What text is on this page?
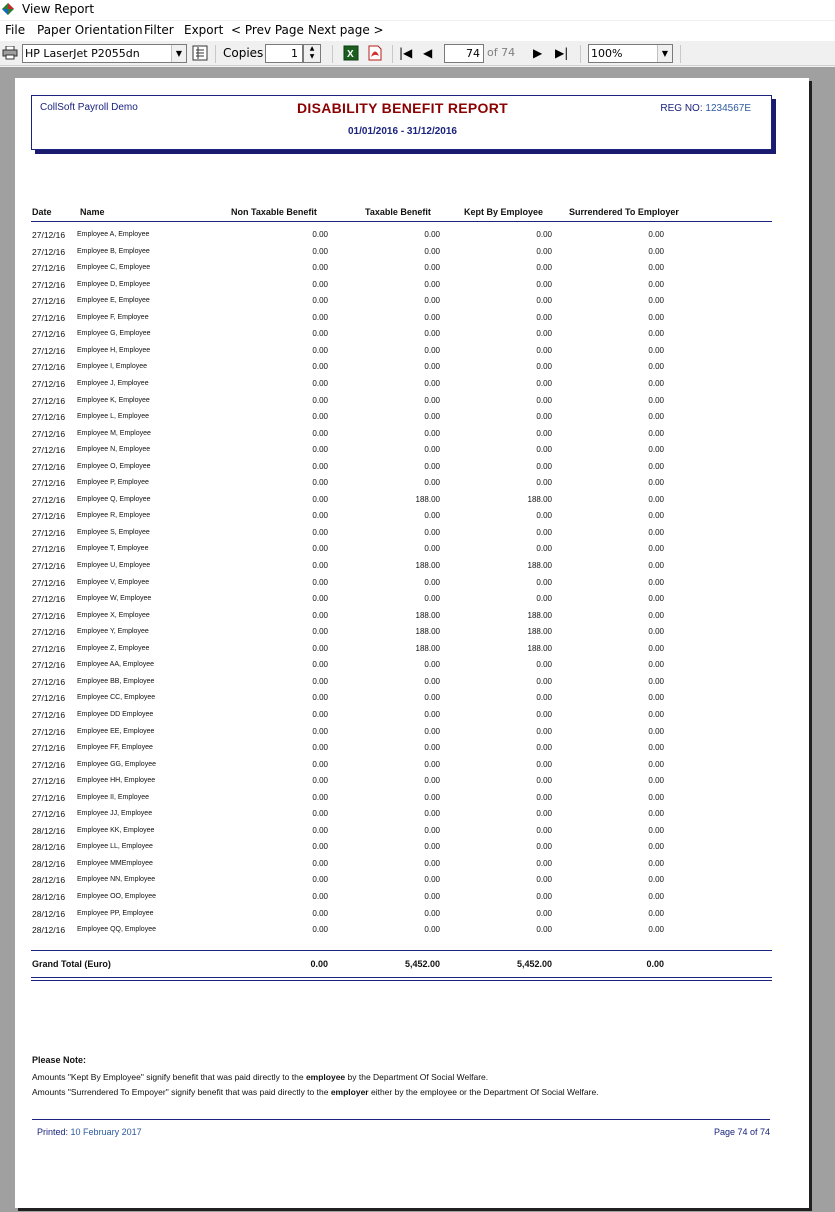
View Report
File Paper Orientation Filter Export < Prev Page Next page >
HP LaserJet P2055dn	▼	Copies	1	▲
▼	X	|◀ ◀	74 of 74 ▶ ▶| 100%	▼
CollSoft Payroll Demo	DISABILITY BENEFIT REPORT
01/01/2016 - 31/12/2016
REG NO: 1234567E
Date	Name	Non Taxable Benefit	Taxable Benefit	Kept By Employee	Surrendered To Employer
27/12/16 Employee A, Employee	0.00	0.00	0.00	0.00
27/12/16 Employee B, Employee	0.00	0.00	0.00	0.00
27/12/16 Employee C, Employee	0.00	0.00	0.00	0.00
27/12/16 Employee D, Employee	0.00	0.00	0.00	0.00
27/12/16 Employee E, Employee	0.00	0.00	0.00	0.00
27/12/16 Employee F, Employee	0.00	0.00	0.00	0.00
27/12/16 Employee G, Employee	0.00	0.00	0.00	0.00
27/12/16 Employee H, Employee	0.00	0.00	0.00	0.00
27/12/16 Employee I, Employee	0.00	0.00	0.00	0.00
27/12/16 Employee J, Employee	0.00	0.00	0.00	0.00
27/12/16 Employee K, Employee	0.00	0.00	0.00	0.00
27/12/16 Employee L, Employee	0.00	0.00	0.00	0.00
27/12/16 Employee M, Employee	0.00	0.00	0.00	0.00
27/12/16 Employee N, Employee	0.00	0.00	0.00	0.00
27/12/16 Employee O, Employee	0.00	0.00	0.00	0.00
27/12/16 Employee P, Employee	0.00	0.00	0.00	0.00
27/12/16 Employee Q, Employee	0.00	188.00	188.00	0.00
27/12/16 Employee R, Employee	0.00	0.00	0.00	0.00
27/12/16 Employee S, Employee	0.00	0.00	0.00	0.00
27/12/16 Employee T, Employee	0.00	0.00	0.00	0.00
27/12/16 Employee U, Employee	0.00	188.00	188.00	0.00
27/12/16 Employee V, Employee	0.00	0.00	0.00	0.00
27/12/16 Employee W, Employee	0.00	0.00	0.00	0.00
27/12/16 Employee X, Employee	0.00	188.00	188.00	0.00
27/12/16 Employee Y, Employee	0.00	188.00	188.00	0.00
27/12/16 Employee Z, Employee	0.00	188.00	188.00	0.00
27/12/16 Employee AA, Employee	0.00	0.00	0.00	0.00
27/12/16 Employee BB, Employee	0.00	0.00	0.00	0.00
27/12/16 Employee CC, Employee	0.00	0.00	0.00	0.00
27/12/16 Employee DD Employee	0.00	0.00	0.00	0.00
27/12/16 Employee EE, Employee	0.00	0.00	0.00	0.00
27/12/16 Employee FF, Employee	0.00	0.00	0.00	0.00
27/12/16 Employee GG, Employee	0.00	0.00	0.00	0.00
27/12/16 Employee HH, Employee	0.00	0.00	0.00	0.00
27/12/16 Employee II, Employee	0.00	0.00	0.00	0.00
27/12/16 Employee JJ, Employee	0.00	0.00	0.00	0.00
28/12/16 Employee KK, Employee	0.00	0.00	0.00	0.00
28/12/16 Employee LL, Employee	0.00	0.00	0.00	0.00
28/12/16 Employee MMEmployee	0.00	0.00	0.00	0.00
28/12/16 Employee NN, Employee	0.00	0.00	0.00	0.00
28/12/16 Employee OO, Employee	0.00	0.00	0.00	0.00
28/12/16 Employee PP, Employee	0.00	0.00	0.00	0.00
28/12/16 Employee QQ, Employee	0.00	0.00	0.00	0.00
Grand Total (Euro)	0.00	5,452.00	5,452.00	0.00
Please Note:
Amounts "Kept By Employee" signify benefit that was paid directly to the employee by the Department Of Social Welfare.
Amounts "Surrendered To Empoyer" signify benefit that was paid directly to the employer either by the employee or the Department Of Social Welfare.
Printed: 10 February 2017	Page 74 of 74
